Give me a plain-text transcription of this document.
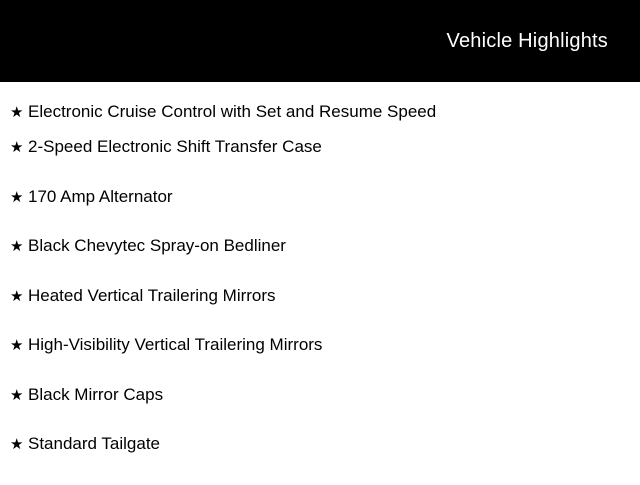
Vehicle Highlights
★ Electronic Cruise Control with Set and Resume Speed
★ 2-Speed Electronic Shift Transfer Case
★ 170 Amp Alternator
★ Black Chevytec Spray-on Bedliner
★ Heated Vertical Trailering Mirrors
★ High-Visibility Vertical Trailering Mirrors
★ Black Mirror Caps
★ Standard Tailgate
